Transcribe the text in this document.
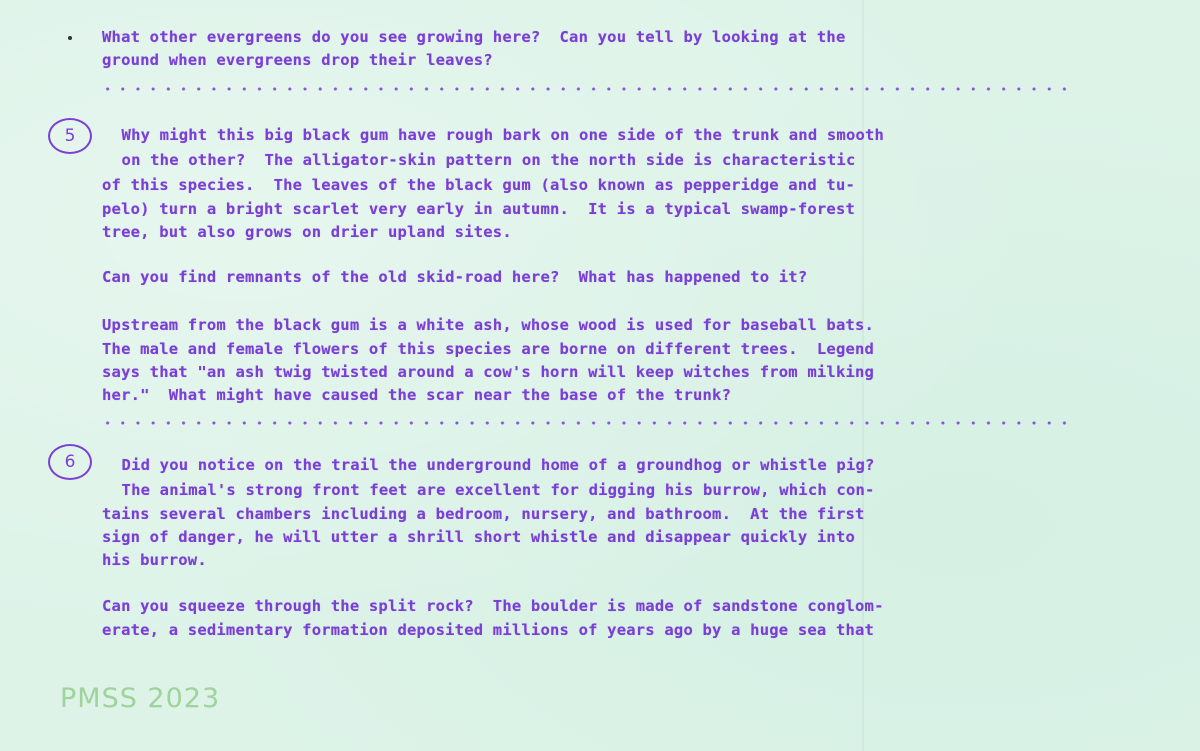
What other evergreens do you see growing here?  Can you tell by looking at the
ground when evergreens drop their leaves?
5 Why might this big black gum have rough bark on one side of the trunk and smooth
on the other?  The alligator-skin pattern on the north side is characteristic
of this species.  The leaves of the black gum (also known as pepperidge and tu-
pelo) turn a bright scarlet very early in autumn.  It is a typical swamp-forest
tree, but also grows on drier upland sites.
Can you find remnants of the old skid-road here?  What has happened to it?
Upstream from the black gum is a white ash, whose wood is used for baseball bats.
The male and female flowers of this species are borne on different trees.  Legend
says that "an ash twig twisted around a cow's horn will keep witches from milking
her."  What might have caused the scar near the base of the trunk?
6 Did you notice on the trail the underground home of a groundhog or whistle pig?
The animal's strong front feet are excellent for digging his burrow, which con-
tains several chambers including a bedroom, nursery, and bathroom.  At the first
sign of danger, he will utter a shrill short whistle and disappear quickly into
his burrow.
Can you squeeze through the split rock?  The boulder is made of sandstone conglom-
erate, a sedimentary formation deposited millions of years ago by a huge sea that
PMSS 2023
